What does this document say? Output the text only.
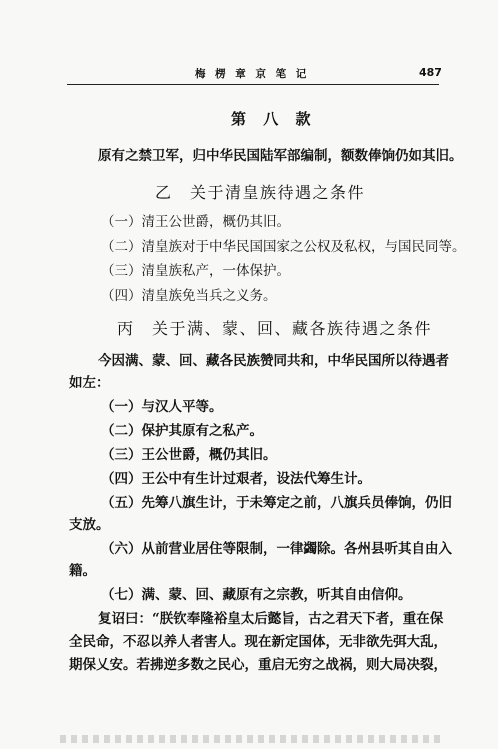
梅 楞 章 京 笔 记	487
第 八 款
原有之禁卫军，归中华民国陆军部编制，额数俸饷仍如其旧。
乙　关于清皇族待遇之条件
（一）清王公世爵，概仍其旧。
（二）清皇族对于中华民国国家之公权及私权，与国民同等。
（三）清皇族私产，一体保护。
（四）清皇族免当兵之义务。
丙　关于满、蒙、回、藏各族待遇之条件
今因满、蒙、回、藏各民族赞同共和，中华民国所以待遇者
如左：
（一）与汉人平等。
（二）保护其原有之私产。
（三）王公世爵，概仍其旧。
（四）王公中有生计过艰者，设法代筹生计。
（五）先筹八旗生计，于未筹定之前，八旗兵员俸饷，仍旧
支放。
（六）从前营业居住等限制，一律蠲除。各州县听其自由入
籍。
（七）满、蒙、回、藏原有之宗教，听其自由信仰。
复诏曰：“朕钦奉隆裕皇太后懿旨，古之君天下者，重在保
全民命，不忍以养人者害人。现在新定国体，无非欲先弭大乱，
期保乂安。若拂逆多数之民心，重启无穷之战祸，则大局决裂，
